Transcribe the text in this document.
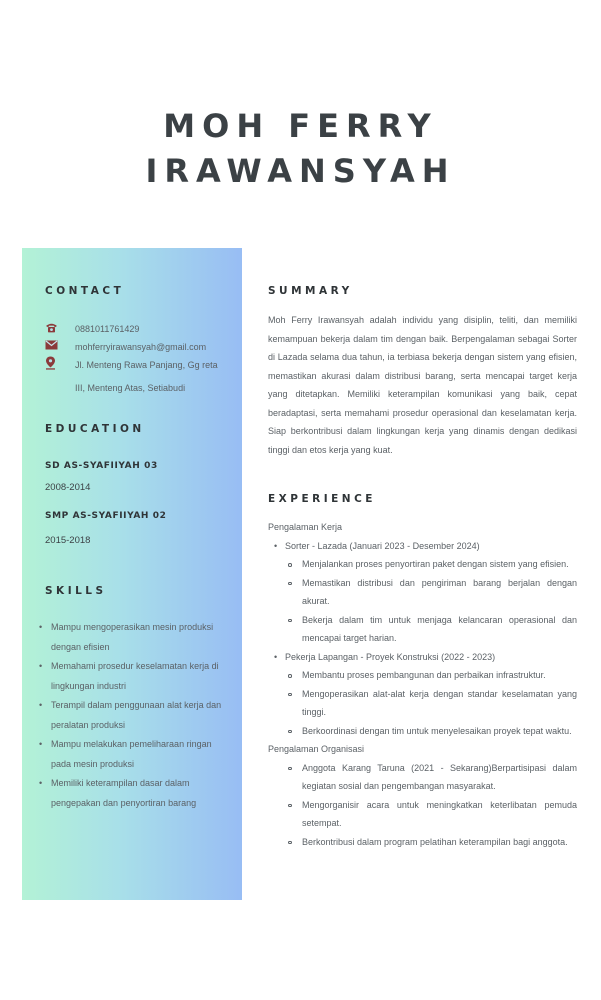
MOH FERRY
IRAWANSYAH
CONTACT
0881011761429
mohferryirawansyah@gmail.com
Jl. Menteng Rawa Panjang, Gg reta
III, Menteng Atas, Setiabudi
EDUCATION
SD AS-SYAFIIYAH 03
2008-2014
SMP AS-SYAFIIYAH 02
2015-2018
SKILLS
• Mampu mengoperasikan mesin produksi dengan efisien
• Memahami prosedur keselamatan kerja di lingkungan industri
• Terampil dalam penggunaan alat kerja dan peralatan produksi
• Mampu melakukan pemeliharaan ringan pada mesin produksi
• Memiliki keterampilan dasar dalam pengepakan dan penyortiran barang
SUMMARY

Moh Ferry Irawansyah adalah individu yang disiplin, teliti, dan memiliki kemampuan bekerja dalam tim dengan baik. Berpengalaman sebagai Sorter di Lazada selama dua tahun, ia terbiasa bekerja dengan sistem yang efisien, memastikan akurasi dalam distribusi barang, serta mencapai target kerja yang ditetapkan. Memiliki keterampilan komunikasi yang baik, cepat beradaptasi, serta memahami prosedur operasional dan keselamatan kerja. Siap berkontribusi dalam lingkungan kerja yang dinamis dengan dedikasi tinggi dan etos kerja yang kuat.

EXPERIENCE

Pengalaman Kerja

• Sorter - Lazada (Januari 2023 - Desember 2024)

Menjalankan proses penyortiran paket dengan sistem yang efisien.
Memastikan distribusi dan pengiriman barang berjalan dengan akurat.
Bekerja dalam tim untuk menjaga kelancaran operasional dan mencapai target harian.

• Pekerja Lapangan - Proyek Konstruksi (2022 - 2023)

Membantu proses pembangunan dan perbaikan infrastruktur.
Mengoperasikan alat-alat kerja dengan standar keselamatan yang tinggi.
Berkoordinasi dengan tim untuk menyelesaikan proyek tepat waktu.

Pengalaman Organisasi

Anggota Karang Taruna (2021 - Sekarang)Berpartisipasi dalam kegiatan sosial dan pengembangan masyarakat.
Mengorganisir acara untuk meningkatkan keterlibatan pemuda setempat.
Berkontribusi dalam program pelatihan keterampilan bagi anggota.
